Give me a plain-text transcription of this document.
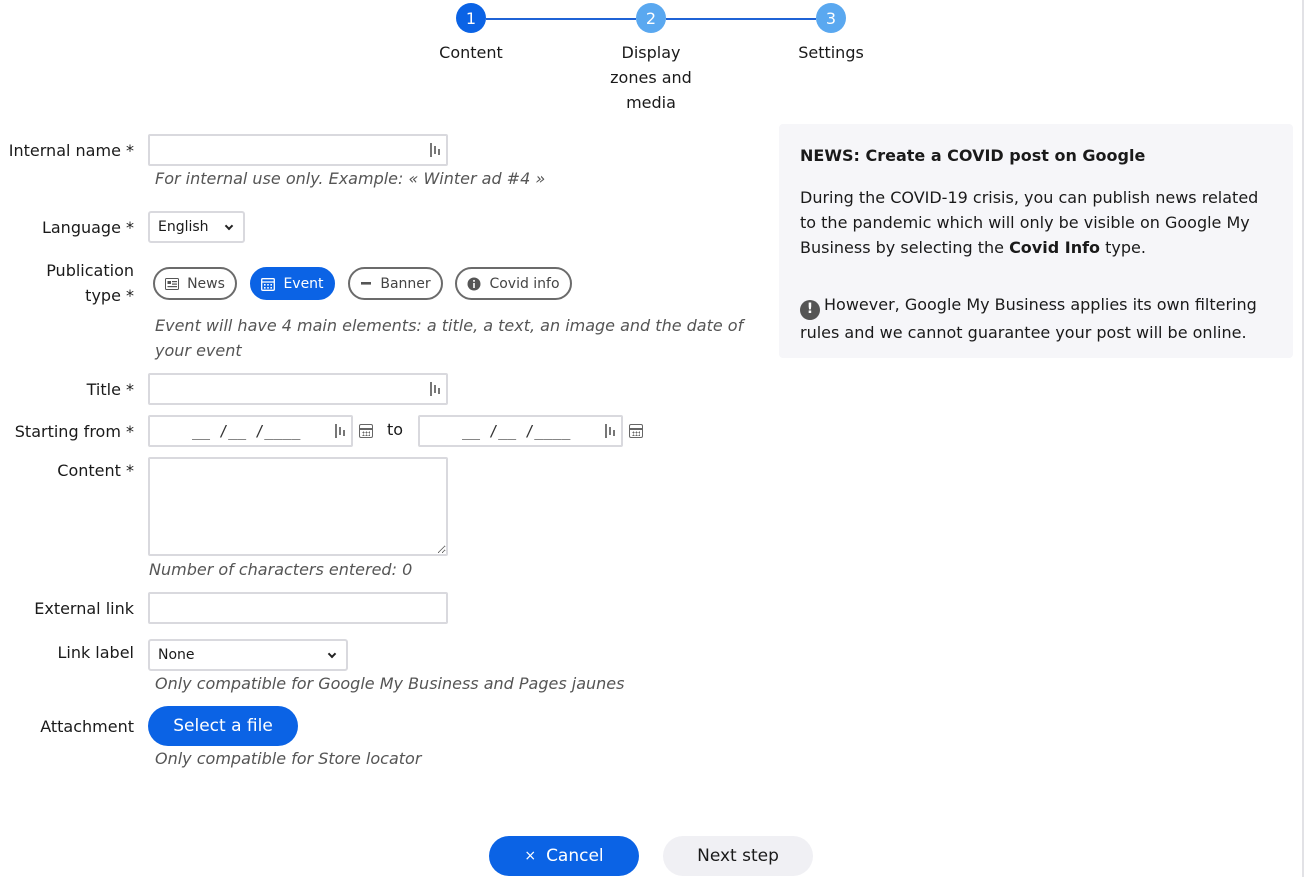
1	2	3
Content	Display zones and media
Settings
Internal name *
For internal use only. Example: « Winter ad #4 »
Language * English
Publication type *
News	Event	Banner	Covid info
Event will have 4 main elements: a title, a text, an image and the date of your event
Title *
Starting from *	__ /__ /____	to	__ /__ /____
Content *
Number of characters entered: 0
External link
Link label None
Only compatible for Google My Business and Pages jaunes
Attachment	Select a file
Only compatible for Store locator
NEWS: Create a COVID post on Google
During the COVID-19 crisis, you can publish news related to the pandemic which will only be visible on Google My Business by selecting the Covid Info type.
! However, Google My Business applies its own filtering rules and we cannot guarantee your post will be online.
× Cancel	Next step
